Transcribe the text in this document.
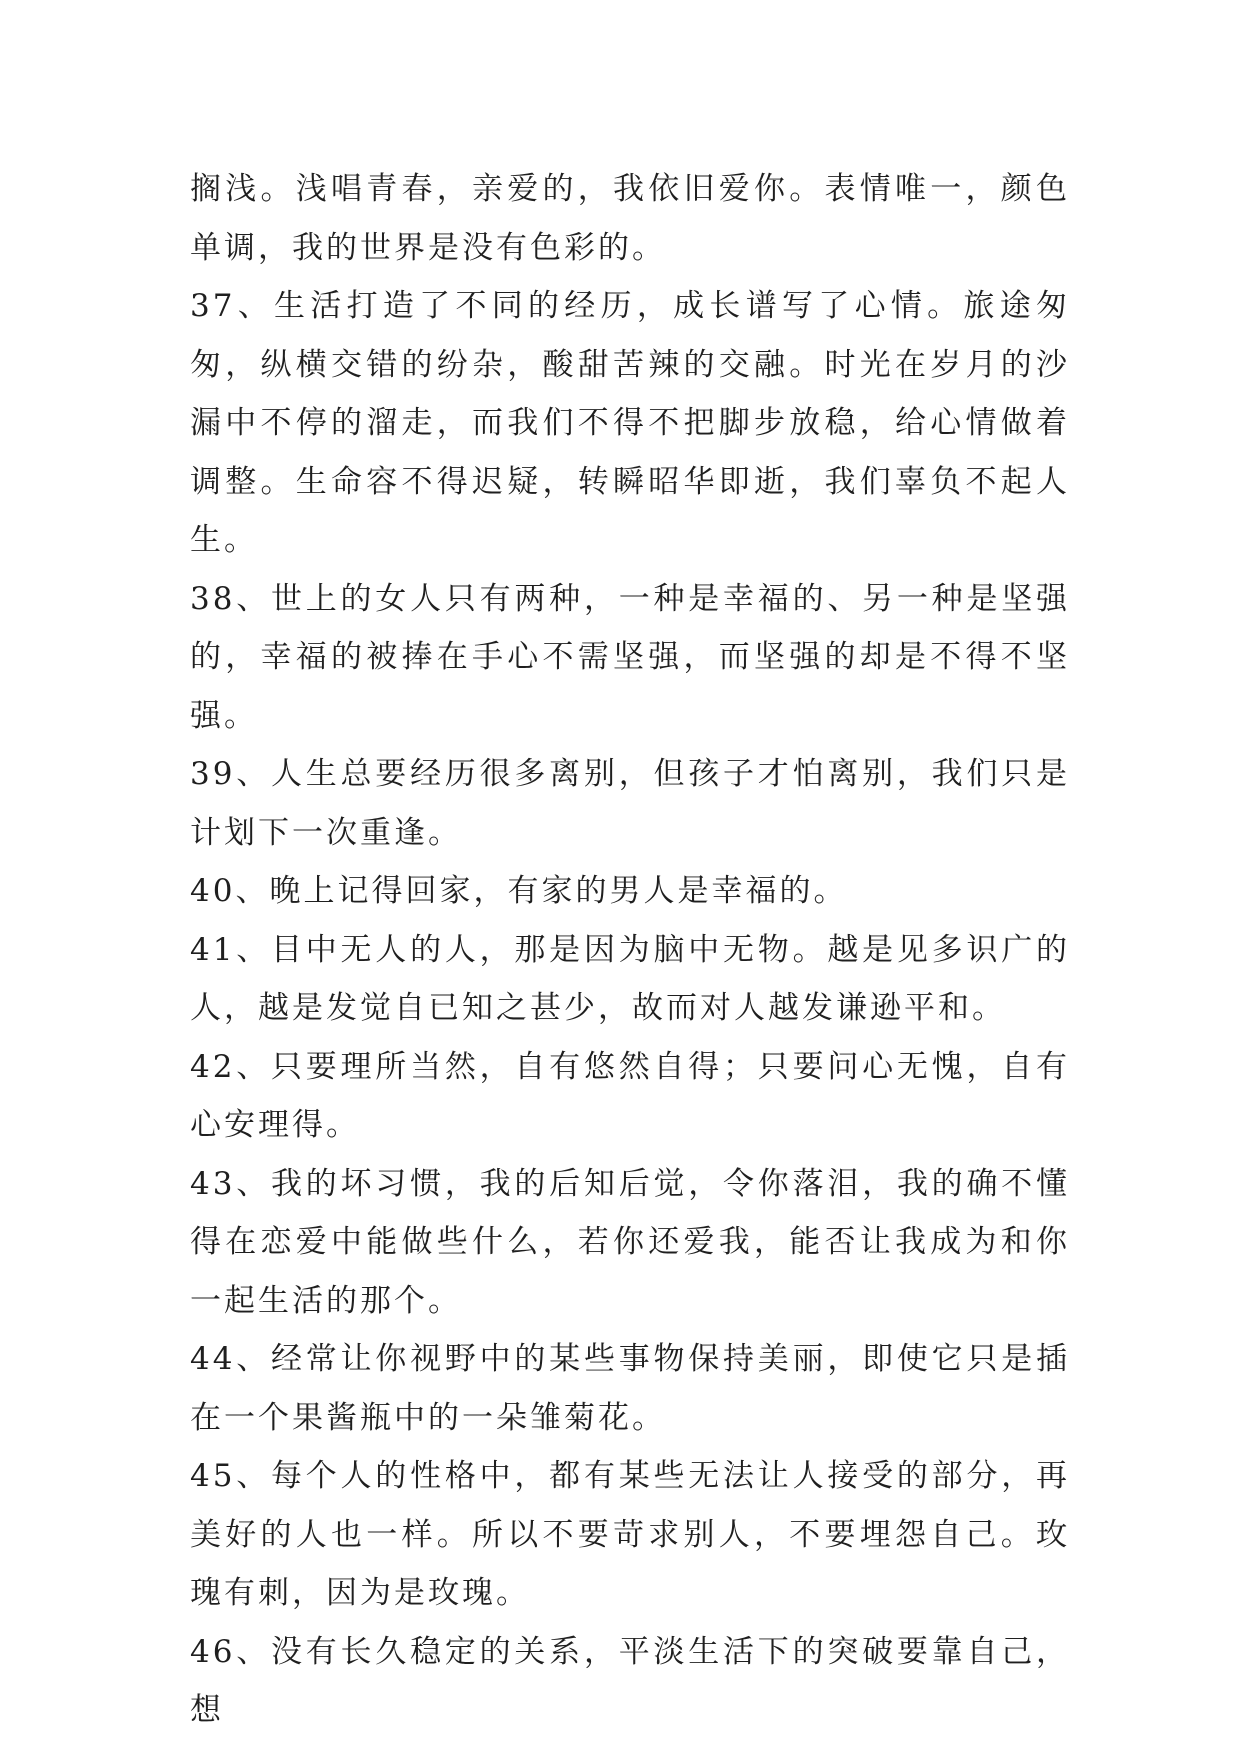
搁浅。浅唱青春，亲爱的，我依旧爱你。表情唯一，颜色单调，我的世界是没有色彩的。

37、生活打造了不同的经历，成长谱写了心情。旅途匆匆，纵横交错的纷杂，酸甜苦辣的交融。时光在岁月的沙漏中不停的溜走，而我们不得不把脚步放稳，给心情做着调整。生命容不得迟疑，转瞬昭华即逝，我们辜负不起人生。

38、世上的女人只有两种，一种是幸福的、另一种是坚强的，幸福的被捧在手心不需坚强，而坚强的却是不得不坚强。

39、人生总要经历很多离别，但孩子才怕离别，我们只是计划下一次重逢。

40、晚上记得回家，有家的男人是幸福的。

41、目中无人的人，那是因为脑中无物。越是见多识广的人，越是发觉自已知之甚少，故而对人越发谦逊平和。

42、只要理所当然，自有悠然自得；只要问心无愧，自有心安理得。

43、我的坏习惯，我的后知后觉，令你落泪，我的确不懂得在恋爱中能做些什么，若你还爱我，能否让我成为和你一起生活的那个。

44、经常让你视野中的某些事物保持美丽，即使它只是插在一个果酱瓶中的一朵雏菊花。

45、每个人的性格中，都有某些无法让人接受的部分，再美好的人也一样。所以不要苛求别人，不要埋怨自己。玫瑰有刺，因为是玫瑰。

46、没有长久稳定的关系，平淡生活下的突破要靠自己，想
